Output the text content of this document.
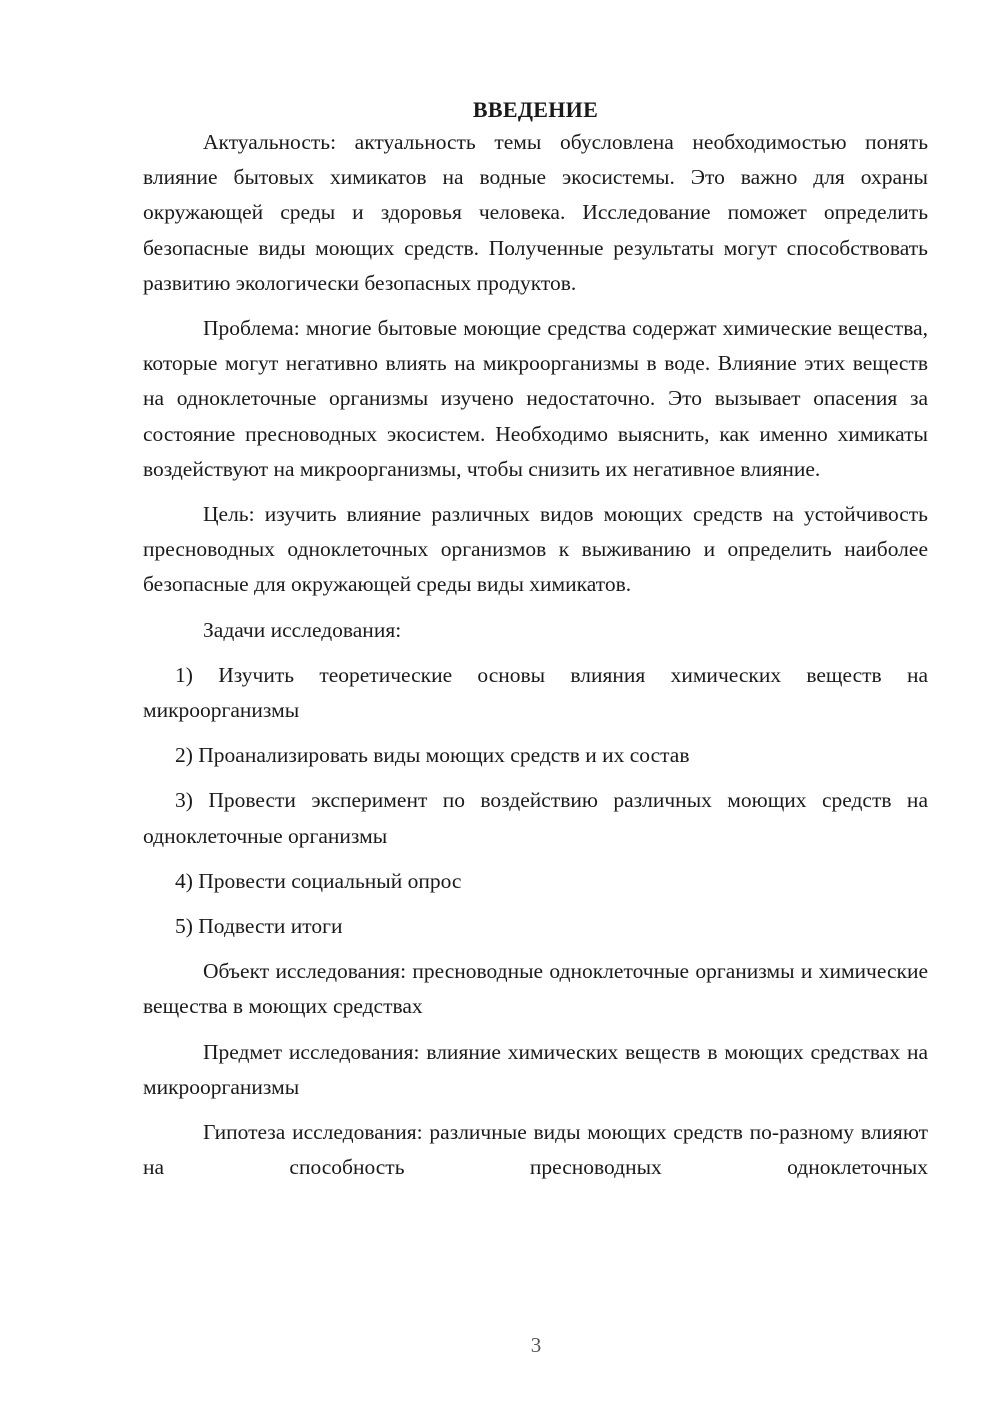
ВВЕДЕНИЕ

Актуальность: актуальность темы обусловлена необходимостью понять влияние бытовых химикатов на водные экосистемы. Это важно для охраны окружающей среды и здоровья человека. Исследование поможет определить безопасные виды моющих средств. Полученные результаты могут способствовать развитию экологически безопасных продуктов.

Проблема: многие бытовые моющие средства содержат химические вещества, которые могут негативно влиять на микроорганизмы в воде. Влияние этих веществ на одноклеточные организмы изучено недостаточно. Это вызывает опасения за состояние пресноводных экосистем. Необходимо выяснить, как именно химикаты воздействуют на микроорганизмы, чтобы снизить их негативное влияние.

Цель: изучить влияние различных видов моющих средств на устойчивость пресноводных одноклеточных организмов к выживанию и определить наиболее безопасные для окружающей среды виды химикатов.

Задачи исследования:

1) Изучить теоретические основы влияния химических веществ на микроорганизмы

2) Проанализировать виды моющих средств и их состав

3) Провести эксперимент по воздействию различных моющих средств на одноклеточные организмы

4) Провести социальный опрос

5) Подвести итоги

Объект исследования: пресноводные одноклеточные организмы и химические вещества в моющих средствах

Предмет исследования: влияние химических веществ в моющих средствах на микроорганизмы

Гипотеза исследования: различные виды моющих средств по-разному влияют на способность пресноводных одноклеточных

3
